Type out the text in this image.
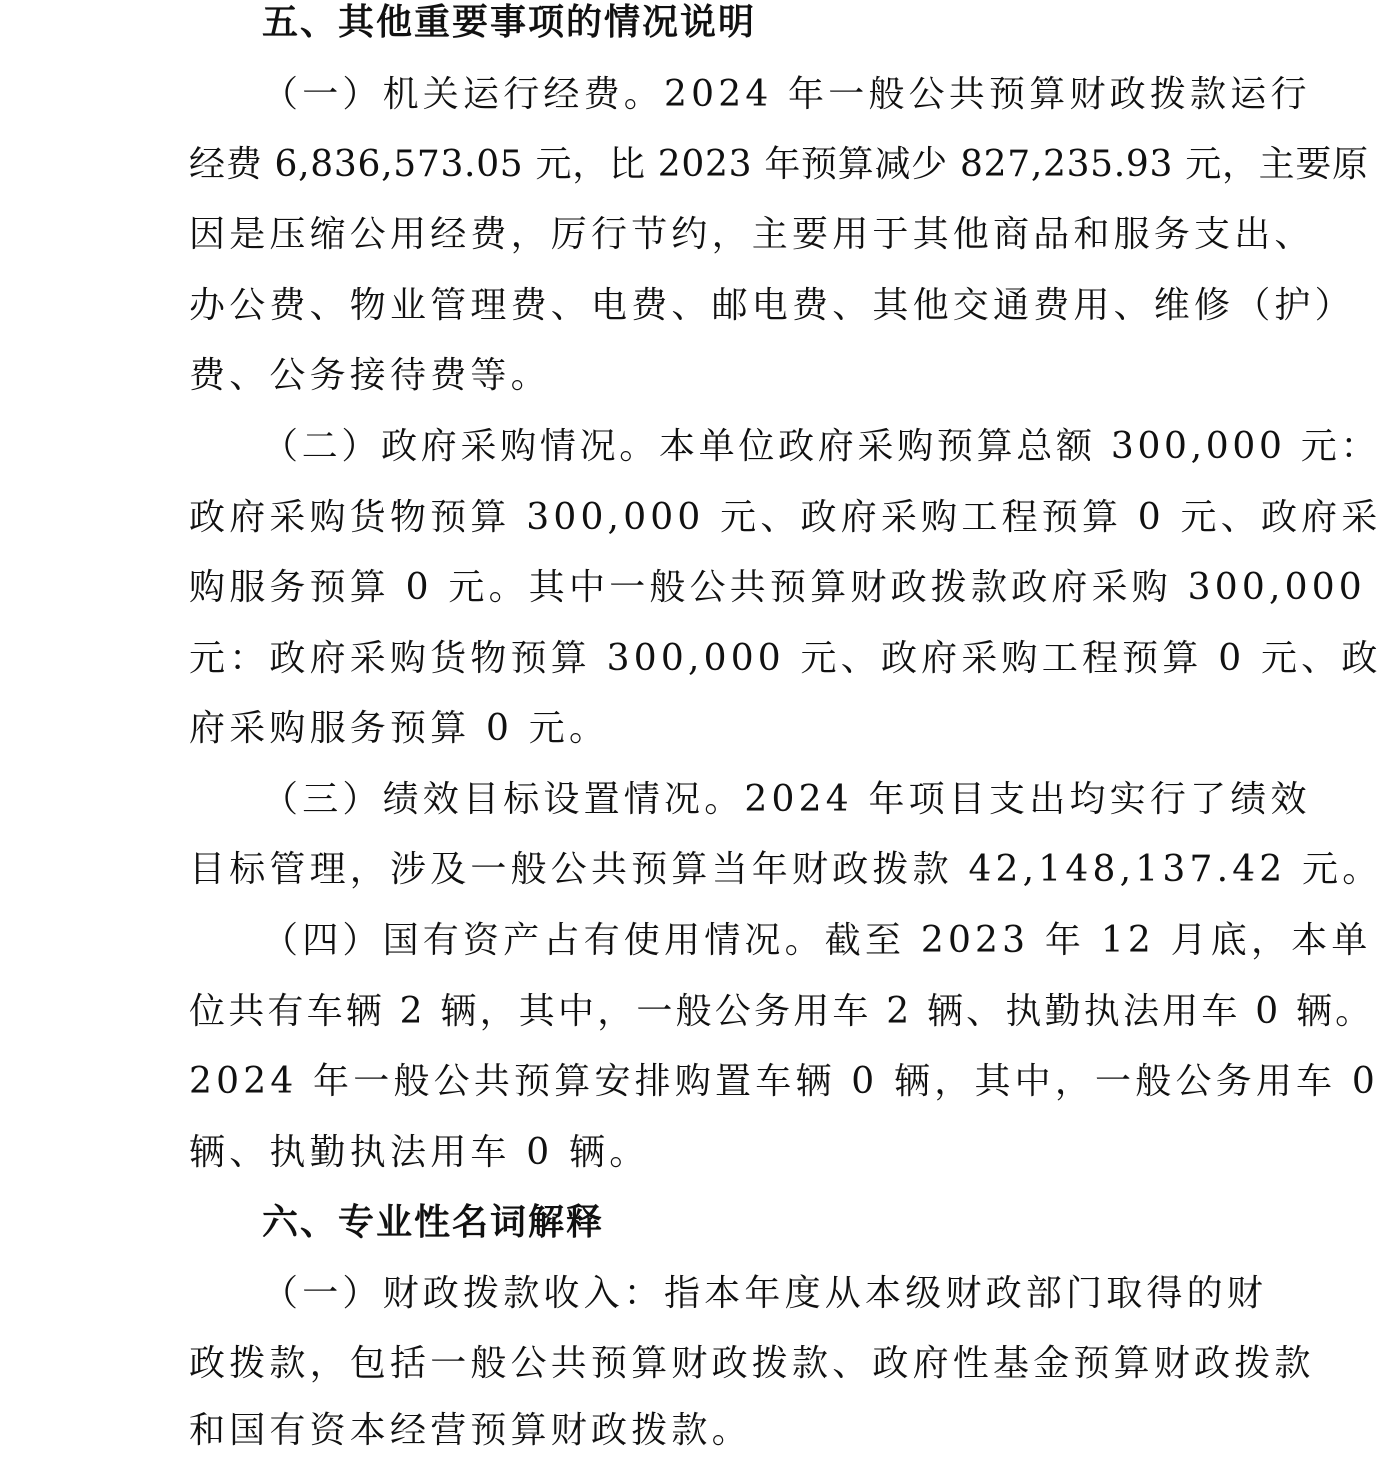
五、其他重要事项的情况说明

（一）机关运行经费。2024 年一般公共预算财政拨款运行

经费 6,836,573.05 元，比 2023 年预算减少 827,235.93 元，主要原

因是压缩公用经费，厉行节约，主要用于其他商品和服务支出、

办公费、物业管理费、电费、邮电费、其他交通费用、维修（护）

费、公务接待费等。

（二）政府采购情况。本单位政府采购预算总额 300,000 元：

政府采购货物预算 300,000 元、政府采购工程预算 0 元、政府采

购服务预算 0 元。其中一般公共预算财政拨款政府采购 300,000

元：政府采购货物预算 300,000 元、政府采购工程预算 0 元、政

府采购服务预算 0 元。

（三）绩效目标设置情况。2024 年项目支出均实行了绩效

目标管理，涉及一般公共预算当年财政拨款 42,148,137.42 元。

（四）国有资产占有使用情况。截至 2023 年 12 月底，本单

位共有车辆 2 辆，其中，一般公务用车 2 辆、执勤执法用车 0 辆。

2024 年一般公共预算安排购置车辆 0 辆，其中，一般公务用车 0

辆、执勤执法用车 0 辆。

六、专业性名词解释

（一）财政拨款收入：指本年度从本级财政部门取得的财

政拨款，包括一般公共预算财政拨款、政府性基金预算财政拨款

和国有资本经营预算财政拨款。
